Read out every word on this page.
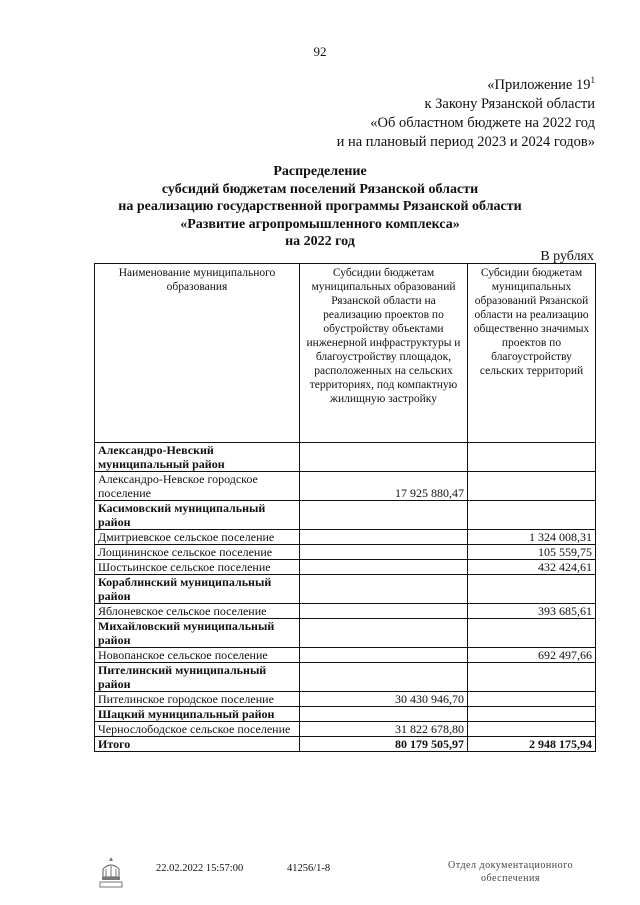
92
«Приложение $19^1$
к Закону Рязанской области
«Об областном бюджете на 2022 год
и на плановый период 2023 и 2024 годов»
Распределение
субсидий бюджетам поселений Рязанской области
на реализацию государственной программы Рязанской области
«Развитие агропромышленного комплекса»
на 2022 год
В рублях
Наименование муниципального образования	Субсидии бюджетам муниципальных образований Рязанской области на реализацию проектов по обустройству объектами инженерной инфраструктуры и благоустройству площадок, расположенных на сельских территориях, под компактную жилищную застройку	Субсидии бюджетам муниципальных образований Рязанской области на реализацию общественно значимых проектов по благоустройству сельских территорий
Александро-Невский муниципальный район		
Александро-Невское городское поселение	17 925 880,47	
Касимовский муниципальный район		
Дмитриевское сельское поселение		1 324 008,31
Лощининское сельское поселение		105 559,75
Шостьинское сельское поселение		432 424,61
Кораблинский муниципальный район		
Яблоневское сельское поселение		393 685,61
Михайловский муниципальный район		
Новопанское сельское поселение		692 497,66
Пителинский муниципальный район		
Пителинское городское поселение	30 430 946,70	
Шацкий муниципальный район		
Чернослободское сельское поселение	31 822 678,80	
Итого	80 179 505,97	2 948 175,94
22.02.2022 15:57:00	41256/1-8	Отдел документационного
обеспечения
